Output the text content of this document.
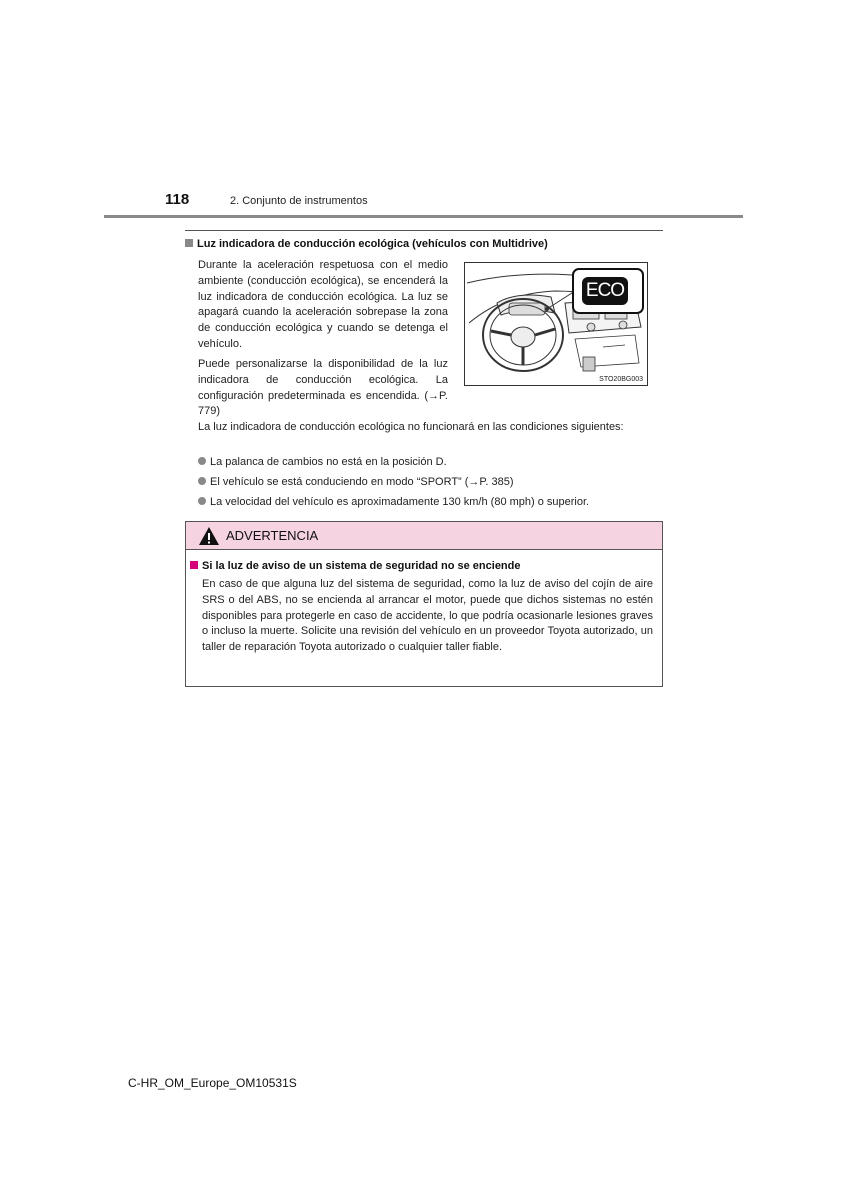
118	2. Conjunto de instrumentos
Luz indicadora de conducción ecológica (vehículos con Multidrive)
Durante la aceleración respetuosa con el medio ambiente (conducción ecológica), se encenderá la luz indicadora de conducción ecológica. La luz se apagará cuando la aceleración sobrepase la zona de conducción ecológica y cuando se detenga el vehículo.
Puede personalizarse la disponibilidad de la luz indicadora de conducción ecológica. La configuración predeterminada es encendida. (→P. 779)
ECO
STO20BG003
La luz indicadora de conducción ecológica no funcionará en las condiciones siguientes:
La palanca de cambios no está en la posición D.
El vehículo se está conduciendo en modo “SPORT” (→P. 385)
La velocidad del vehículo es aproximadamente 130 km/h (80 mph) o superior.
ADVERTENCIA
Si la luz de aviso de un sistema de seguridad no se enciende
En caso de que alguna luz del sistema de seguridad, como la luz de aviso del cojín de aire SRS o del ABS, no se encienda al arrancar el motor, puede que dichos sistemas no estén disponibles para protegerle en caso de accidente, lo que podría ocasionarle lesiones graves o incluso la muerte. Solicite una revisión del vehículo en un proveedor Toyota autorizado, un taller de reparación Toyota autorizado o cualquier taller fiable.
C-HR_OM_Europe_OM10531S
